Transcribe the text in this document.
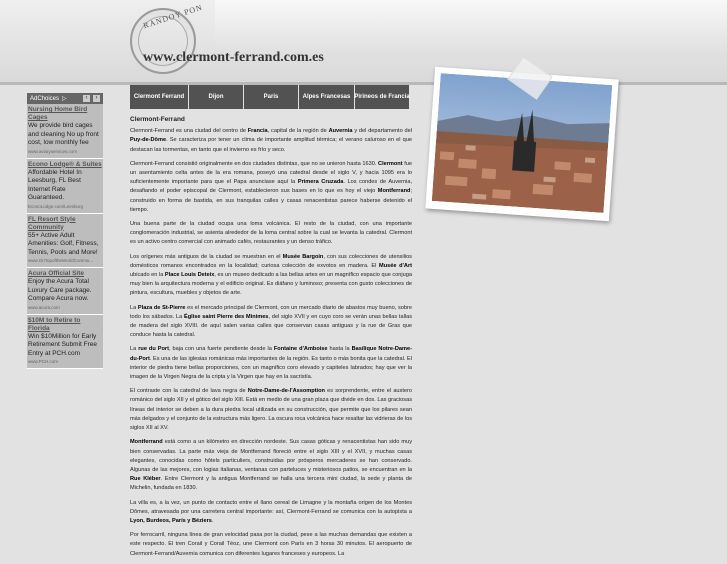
RANDOY PON
www.clermont-ferrand.com.es
AdChoices ▷	‹	›
Nursing Home Bird Cages
We provide bird cages and cleaning No up front cost, low monthly fee
www.aviaryservices.com
Econo Lodge® & Suites
Affordable Hotel In Leesburg, FL Best Internet Rate Guaranteed.
EconoLodge.com/Leesburg
FL Resort Style Community
55+ Active Adult Amenities: Golf, Fitness, Tennis, Pools and More!
www.OnTopoftheWorldCommu...
Acura Official Site
Enjoy the Acura Total Luxury Care package. Compare Acura now.
www.acura.com
$10M to Retire to Florida
Win $10Million for Early Retirement Submit Free Entry at PCH.com
www.PCH.com
Clermont Ferrand	Dijon	Paris	Alpes Francesas Pirineos de Francia
Clermont-Ferrand

Clermont-Ferrand es una ciudad del centro de Francia, capital de la región de Auvernia y del departamento del Puy-de-Dôme. Se caracteriza por tener un clima de importante amplitud térmica; el verano caluroso en el que destacan las tormentas, en tanto que el invierno es frío y seco.

Clermont-Ferrand consistió originalmente en dos ciudades distintas, que no se unieron hasta 1630. Clermont fue un asentamiento celta antes de la era romana, poseyó una catedral desde el siglo V, y hacia 1095 era lo suficientemente importante para que el Papa anunciase aquí la Primera Cruzada. Los condes de Auvernia, desafiando el poder episcopal de Clermont, establecieron sus bases en lo que es hoy el viejo Montferrand; construido en forma de bastida, en sus tranquilas calles y casas renacentistas parece haberse detenido el tiempo.

Una buena parte de la ciudad ocupa una loma volcánica. El resto de la ciudad, con una importante conglomeración industrial, se asienta alrededor de la loma central sobre la cual se levanta la catedral. Clermont es un activo centro comercial con animado cafés, restaurantes y un denso tráfico.

Los orígenes más antiguos de la ciudad se muestran en el Musée Bargoin, con sus colecciones de utensilios domésticos romanos encontrados en la localidad; curiosa colección de exvotos en madera. El Musée d'Art ubicado en la Place Louis Deteix, es un museo dedicado a las bellas artes en un magnífico espacio que conjuga muy bien la arquitectura moderna y el edificio original. Es diáfano y luminoso; presenta con gusto colecciones de pintura, escultura, muebles y objetos de arte.

La Plaza de St-Pierre es el mercado principal de Clermont, con un mercado diario de abastos muy bueno, sobre todo los sábados. La Église saint Pierre des Minimes, del siglo XVII y en cuyo coro se verán unas bellas tallas de madera del siglo XVIII. de aquí salen varias calles que conservan casas antiguas y la rue de Gras que conduce hasta la catedral.

La rue du Port, baja con una fuerte pendiente desde la Fontaine d'Amboise hasta la Basílique Notre-Dame-du-Port. Es una de las iglesias románicas más importantes de la región. Es tanto o más bonita que la catedral. El interior de piedra tiene bellas proporciones, con un magnífico coro elevado y capiteles labrados; hay que ver la imagen de la Virgen Negra de la cripta y la Virgen que hay en la sacristía.

El contraste con la catedral de lava negra de Notre-Dame-de-l'Assomption es sorprendente, entre el austero románico del siglo XII y el gótico del siglo XIII. Está en medio de una gran plaza que divide en dos. Las graciosas líneas del interior se deben a la dura piedra local utilizada en su construcción, que permite que los pilares sean más delgados y el conjunto de la estructura más ligero. La oscura roca volcánica hace resaltar las vidrieras de los siglos XII al XV.

Montferrand está como a un kilómetro en dirección nordeste. Sus casas góticas y renacentistas han sido muy bien conservadas. La parte más vieja de Montferrand floreció entre el siglo XIII y el XVII, y muchas casas elegantes, conocidas como hôtels particuliers, construidas por prósperos mercaderes se han conservado. Algunas de las mejores, con logias italianas, ventanas con parteluces y misteriosos patios, se encuentran en la Rue Kléber. Entre Clermont y la antigua Montferrand se halla una tercera mini ciudad, la sede y planta de Michelin, fundada en 1830.

La villa es, a la vez, un punto de contacto entre el llano cereal de Limagne y la montaña origen de los Montes Dômes, atravesada por una carretera central importante: así, Clermont-Ferrand se comunica con la autopista a Lyon, Burdeos, París y Béziers.

Por ferrocarril, ninguna línea de gran velocidad pasa por la ciudad, pese a las muchas demandas que existen a este respecto. El tren Corail y Corail Téoz, une Clermont con París en 3 horas 30 minutos. El aeropuerto de Clermont-Ferrand/Auvernia comunica con diferentes lugares franceses y europeos. La
